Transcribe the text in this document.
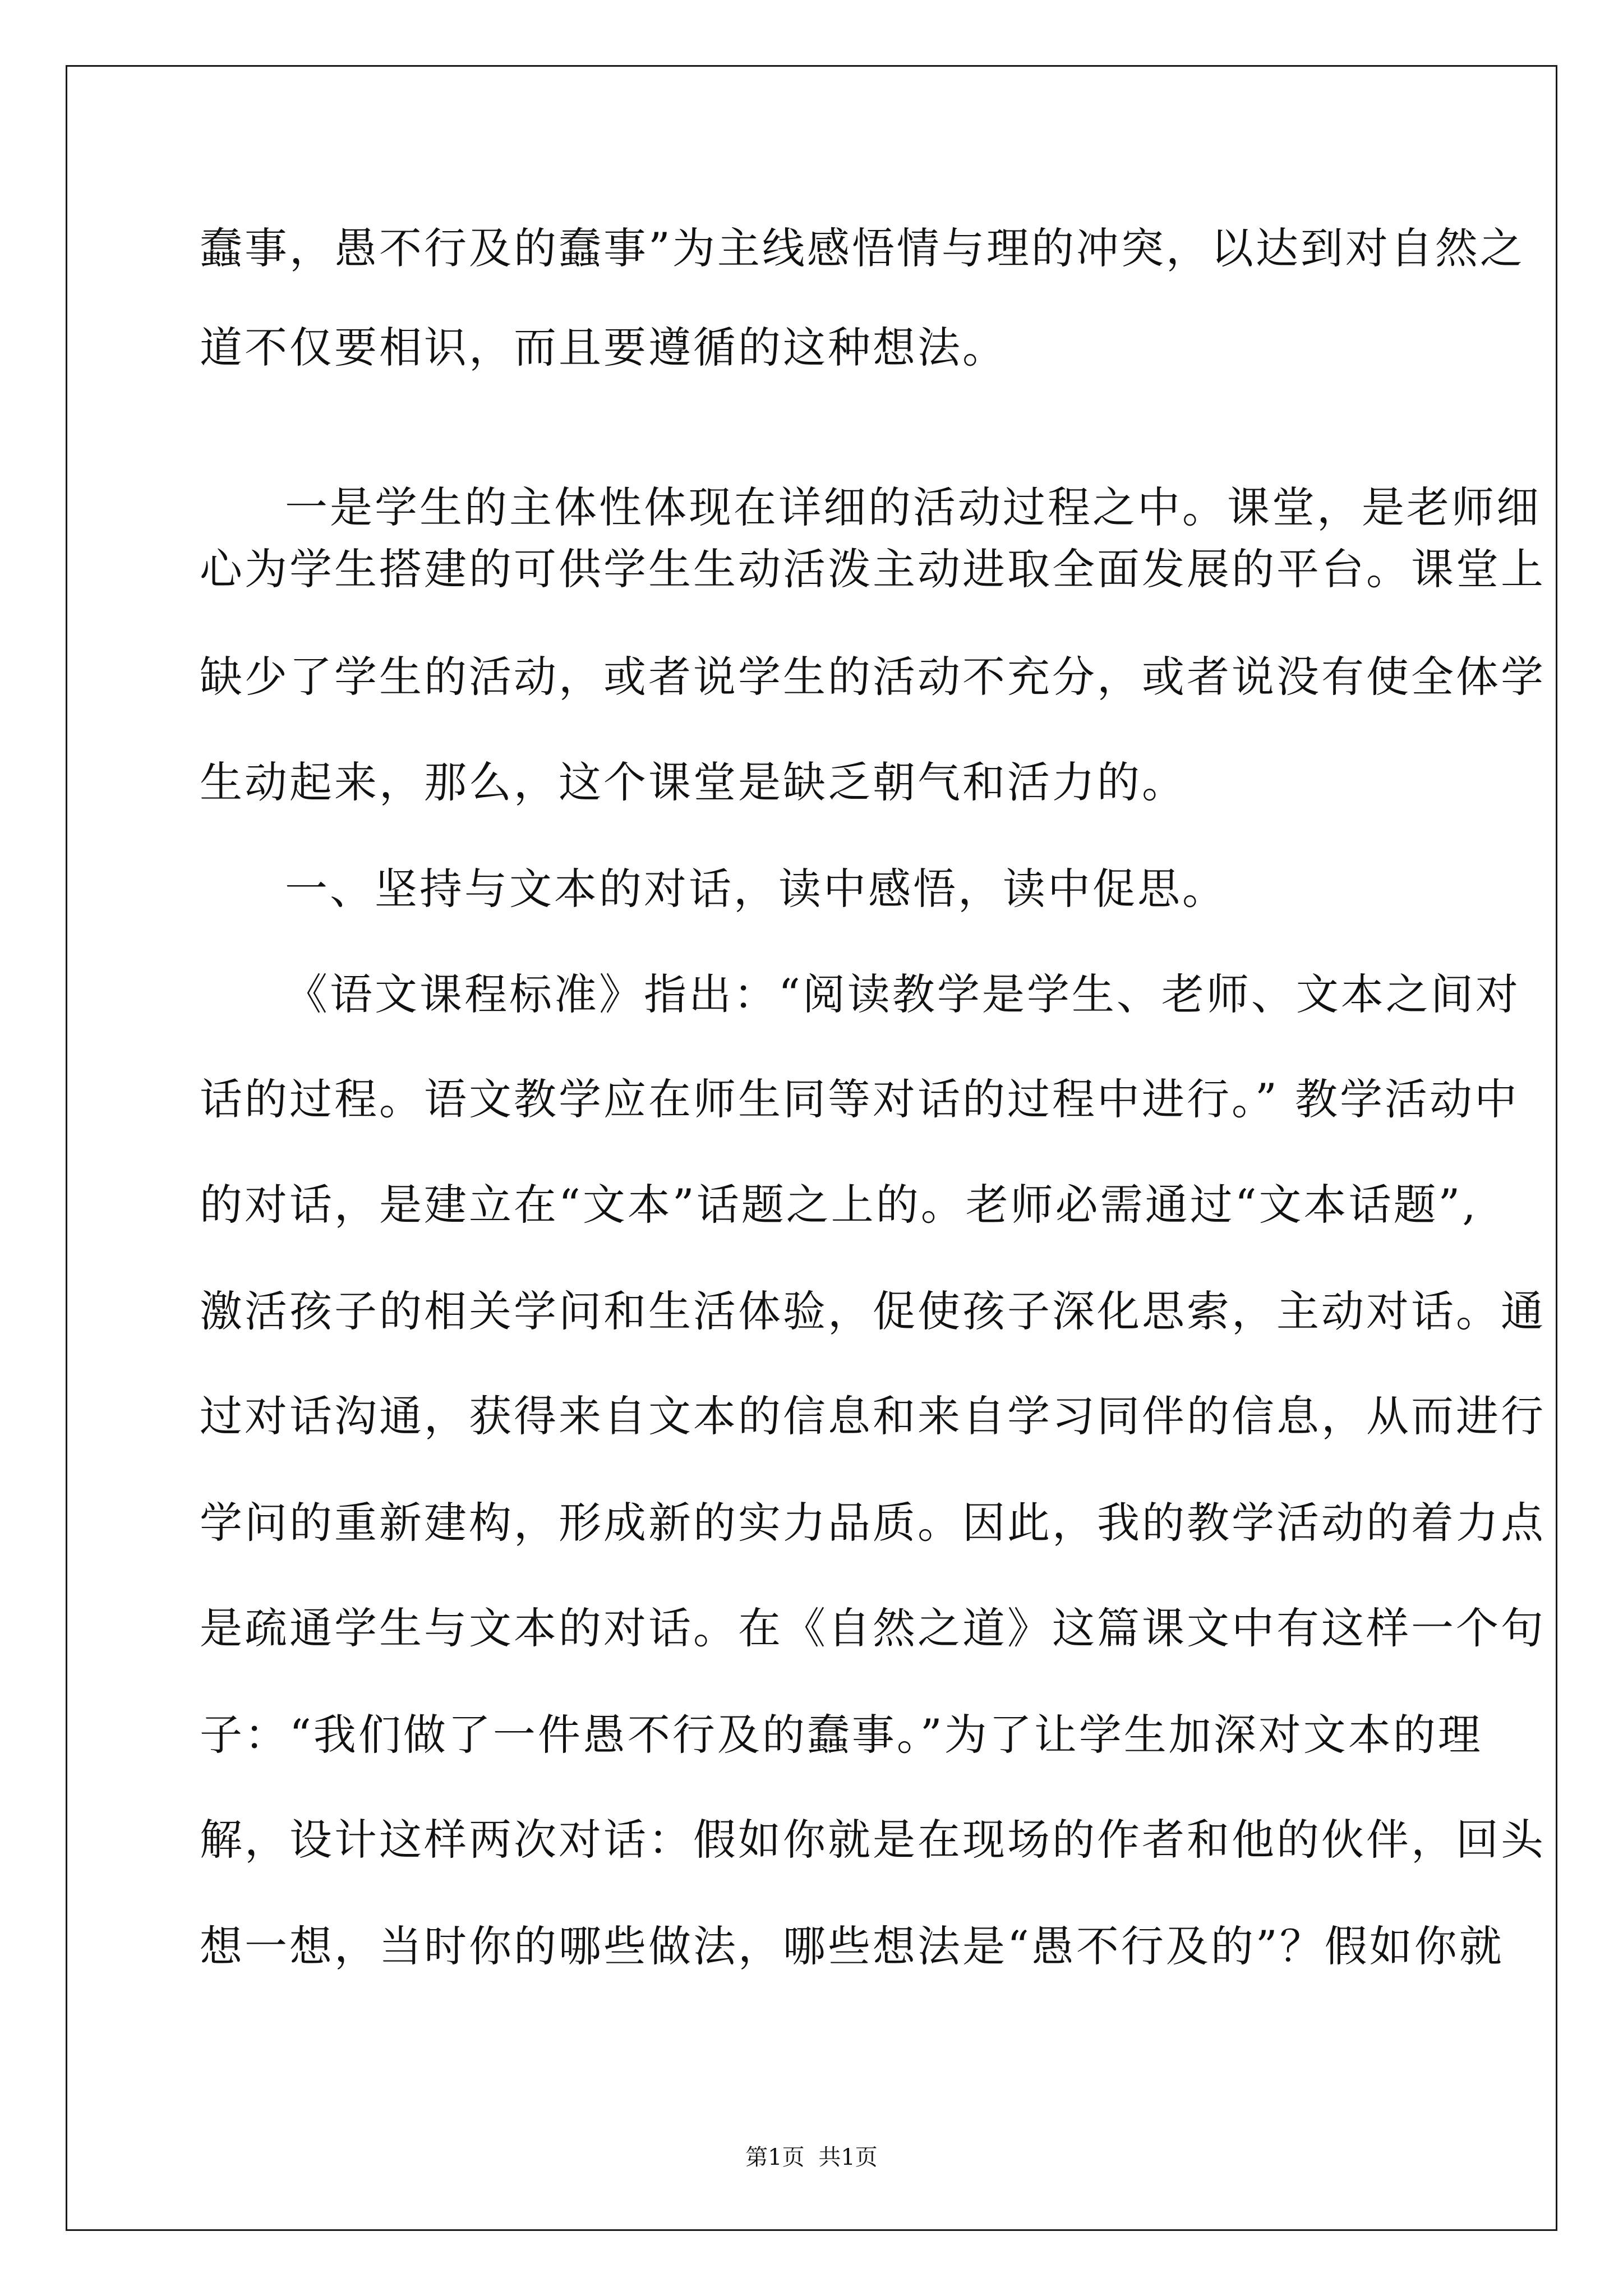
蠢事，愚不行及的蠢事”为主线感悟情与理的冲突，以达到对自然之
道不仅要相识，而且要遵循的这种想法。
一是学生的主体性体现在详细的活动过程之中。课堂，是老师细
心为学生搭建的可供学生生动活泼主动进取全面发展的平台。课堂上
缺少了学生的活动，或者说学生的活动不充分，或者说没有使全体学
生动起来，那么，这个课堂是缺乏朝气和活力的。
一、坚持与文本的对话，读中感悟，读中促思。
《语文课程标准》指出：“阅读教学是学生、老师、文本之间对
话的过程。语文教学应在师生同等对话的过程中进行。” 教学活动中
的对话，是建立在“文本”话题之上的。老师必需通过“文本话题”,
激活孩子的相关学问和生活体验，促使孩子深化思索，主动对话。通
过对话沟通，获得来自文本的信息和来自学习同伴的信息，从而进行
学问的重新建构，形成新的实力品质。因此，我的教学活动的着力点
是疏通学生与文本的对话。在《自然之道》这篇课文中有这样一个句
子：“我们做了一件愚不行及的蠢事。”为了让学生加深对文本的理
解，设计这样两次对话：假如你就是在现场的作者和他的伙伴，回头
想一想，当时你的哪些做法，哪些想法是“愚不行及的”？假如你就
第1页 共1页
